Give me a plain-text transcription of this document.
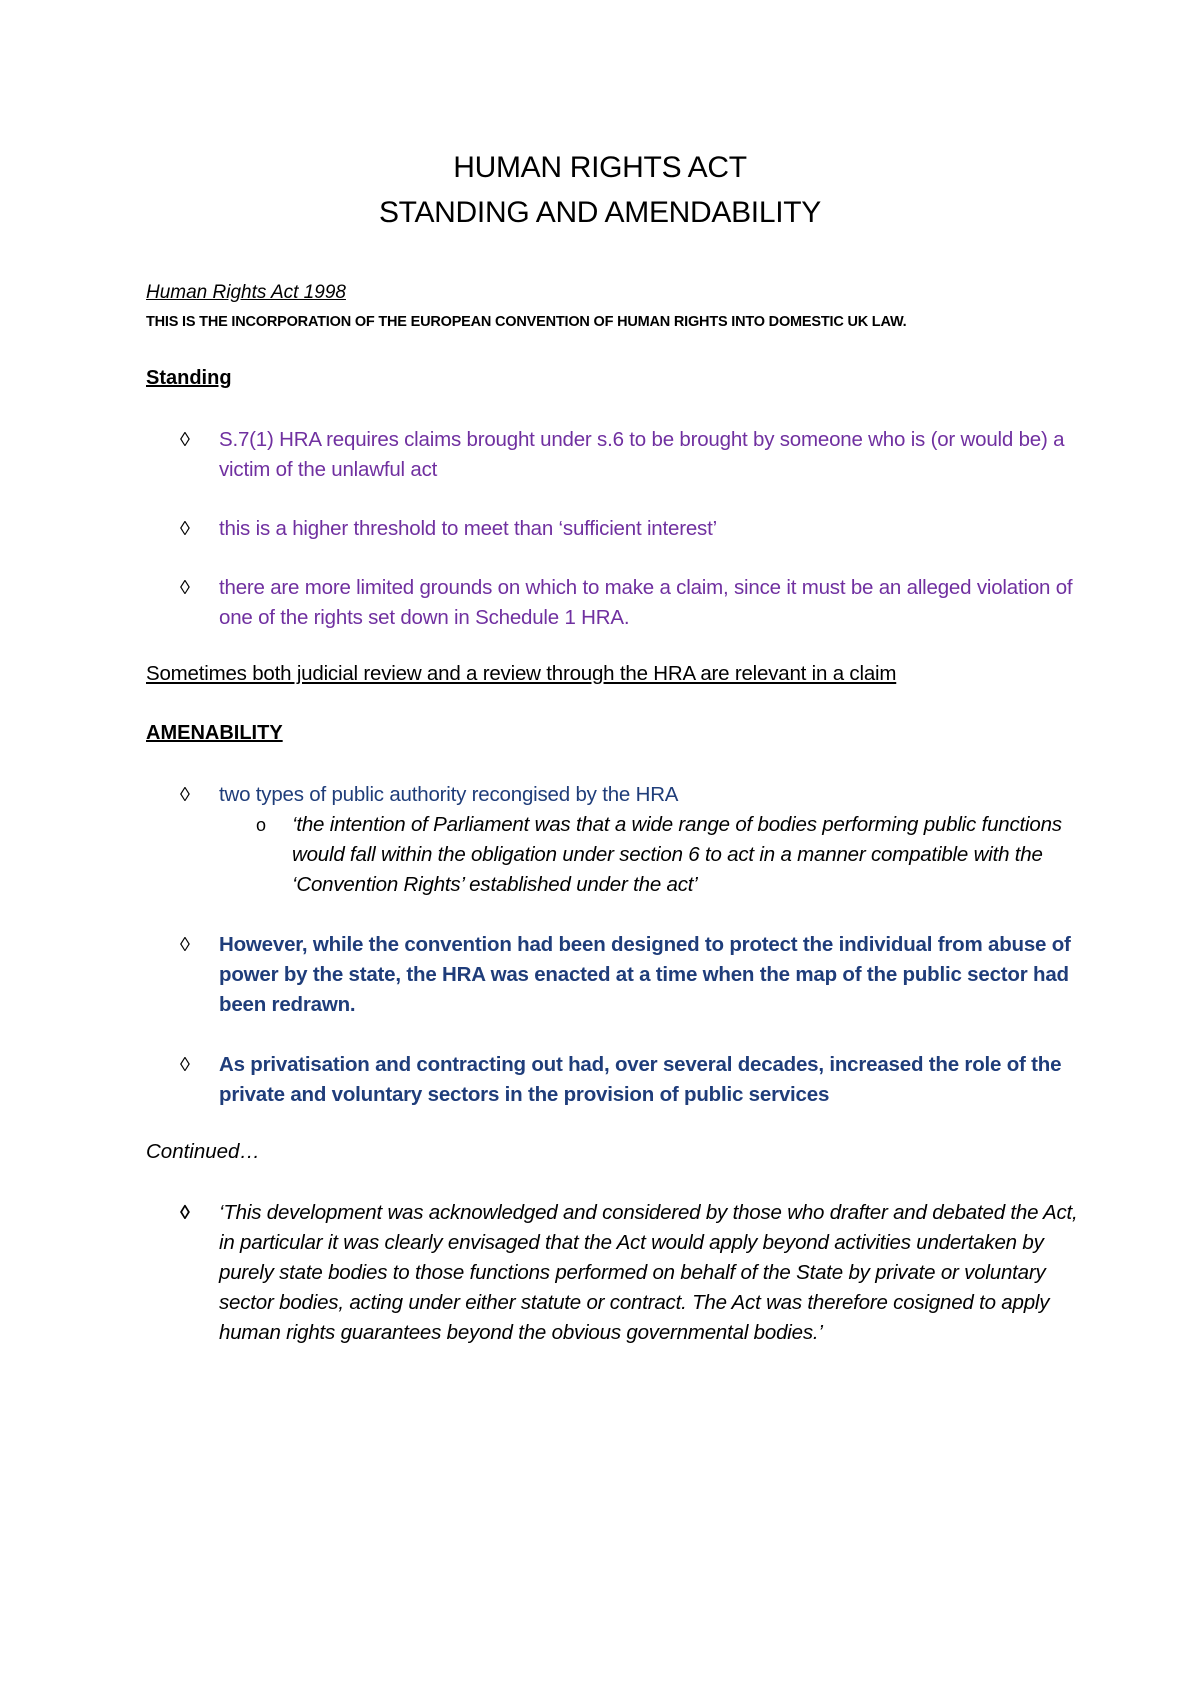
HUMAN RIGHTS ACT
STANDING AND AMENDABILITY
Human Rights Act 1998
THIS IS THE INCORPORATION OF THE EUROPEAN CONVENTION OF HUMAN RIGHTS INTO DOMESTIC UK LAW.
Standing
◊ S.7(1) HRA requires claims brought under s.6 to be brought by someone who is (or would be) a victim of the unlawful act
◊ this is a higher threshold to meet than ‘sufficient interest’
◊ there are more limited grounds on which to make a claim, since it must be an alleged violation of one of the rights set down in Schedule 1 HRA.
Sometimes both judicial review and a review through the HRA are relevant in a claim
AMENABILITY
◊ two types of public authority recongised by the HRA
o ‘the intention of Parliament was that a wide range of bodies performing public functions would fall within the obligation under section 6 to act in a manner compatible with the ‘Convention Rights’ established under the act’
◊ However, while the convention had been designed to protect the individual from abuse of power by the state, the HRA was enacted at a time when the map of the public sector had been redrawn.
◊ As privatisation and contracting out had, over several decades, increased the role of the private and voluntary sectors in the provision of public services
Continued…
◊ ‘This development was acknowledged and considered by those who drafter and debated the Act, in particular it was clearly envisaged that the Act would apply beyond activities undertaken by purely state bodies to those functions performed on behalf of the State by private or voluntary sector bodies, acting under either statute or contract. The Act was therefore cosigned to apply human rights guarantees beyond the obvious governmental bodies.’
